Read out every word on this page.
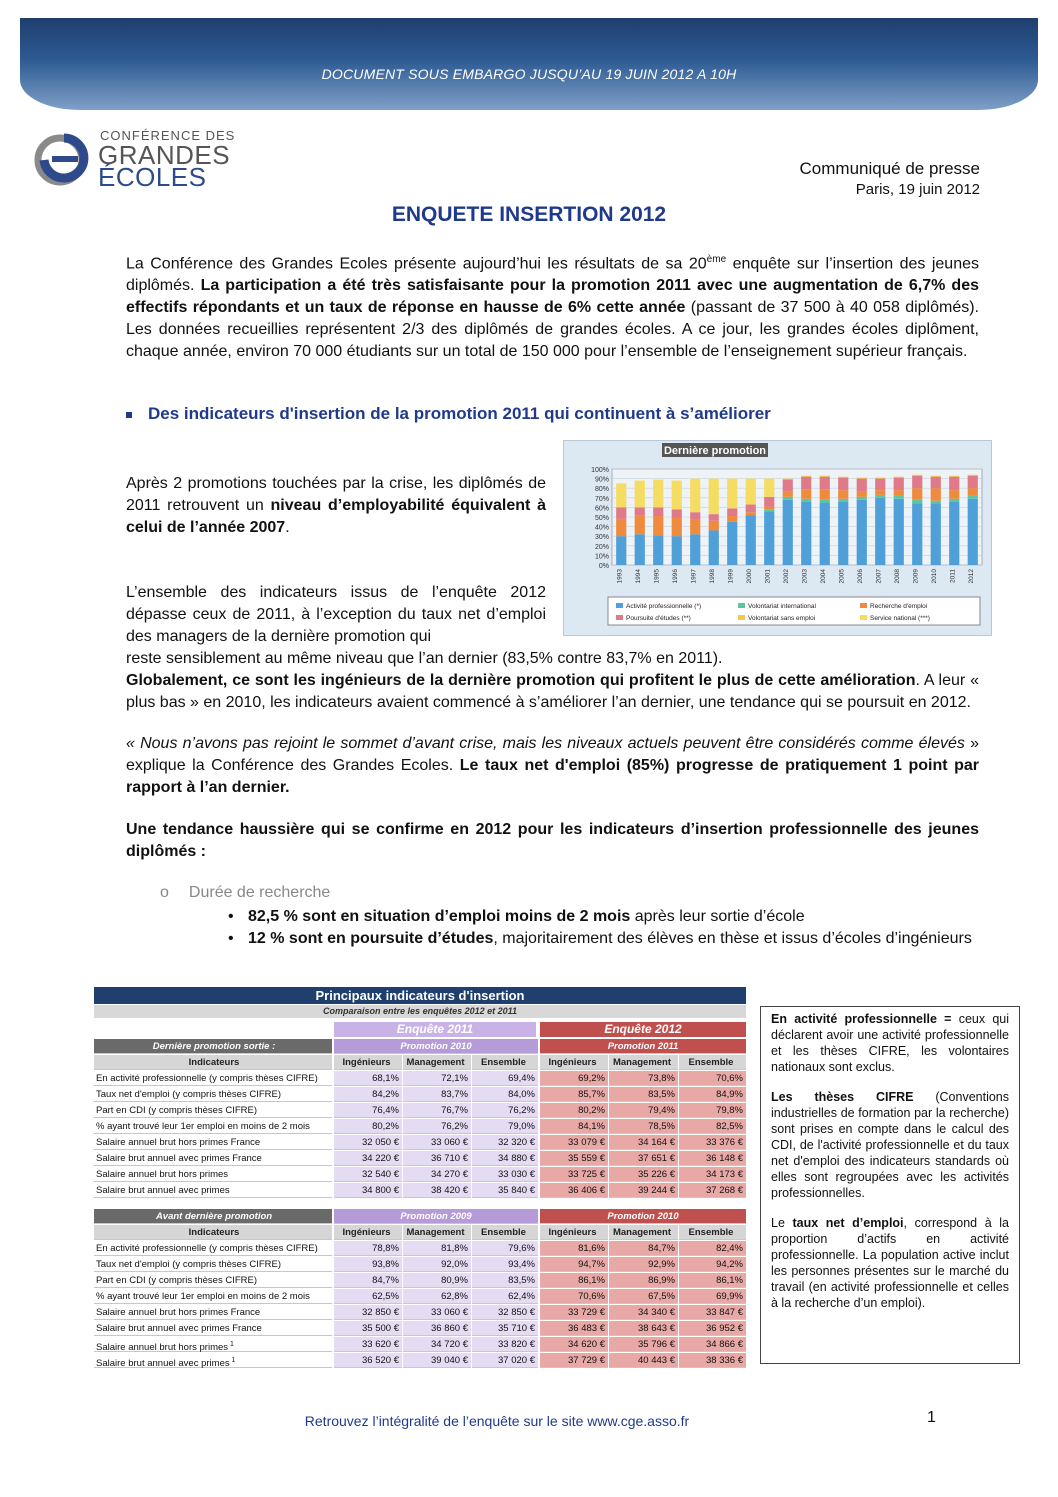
DOCUMENT SOUS EMBARGO JUSQU’AU 19 JUIN 2012 A 10H
CONFÉRENCE DES
GRANDES
ÉCOLES	Communiqué de presse
Paris, 19 juin 2012
ENQUETE INSERTION 2012
La Conférence des Grandes Ecoles présente aujourd’hui les résultats de sa 20ème enquête sur l’insertion des jeunes diplômés. La participation a été très satisfaisante pour la promotion 2011 avec une augmentation de 6,7% des effectifs répondants et un taux de réponse en hausse de 6% cette année (passant de 37 500 à 40 058 diplômés). Les données recueillies représentent 2/3 des diplômés de grandes écoles. A ce jour, les grandes écoles diplôment, chaque année, environ 70 000 étudiants sur un total de 150 000 pour l’ensemble de l’enseignement supérieur français.
Des indicateurs d'insertion de la promotion 2011 qui continuent à s’améliorer
Après 2 promotions touchées par la crise, les diplômés de 2011 retrouvent un niveau d’employabilité équivalent à celui de l’année 2007.
L’ensemble des indicateurs issus de l’enquête 2012 dépasse ceux de 2011, à l’exception du taux net d’emploi des managers de la dernière promotion qui
Dernière promotion
0%
10%
20%
30%
40%
50%
60%
70%
80%
90%
100%
1993 1994 1995 1996 1997 1998 1999 2000 2001 2002 2003 2004 2005 2006 2007 2008 2009 2010 2011 2012
Activité professionnelle (*)	Volontariat international	Recherche d'emploi
Poursuite d'études (**)	Volontariat sans emploi	Service national (***)
reste sensiblement au même niveau que l’an dernier (83,5% contre 83,7% en 2011).
Globalement, ce sont les ingénieurs de la dernière promotion qui profitent le plus de cette amélioration. A leur « plus bas » en 2010, les indicateurs avaient commencé à s’améliorer l’an dernier, une tendance qui se poursuit en 2012.
« Nous n’avons pas rejoint le sommet d’avant crise, mais les niveaux actuels peuvent être considérés comme élevés » explique la Conférence des Grandes Ecoles. Le taux net d'emploi (85%) progresse de pratiquement 1 point par rapport à l’an dernier.
Une tendance haussière qui se confirme en 2012 pour les indicateurs d’insertion professionnelle des jeunes diplômés :
o Durée de recherche
• 82,5 % sont en situation d’emploi moins de 2 mois après leur sortie d’école
• 12 % sont en poursuite d’études, majoritairement des élèves en thèse et issus d’écoles d’ingénieurs
Principaux indicateurs d'insertion
Comparaison entre les enquêtes 2012 et 2011
Enquête 2011	Enquête 2012
Dernière promotion sortie :	Promotion 2010	Promotion 2011
Indicateurs	Ingénieurs	Management	Ensemble	Ingénieurs	Management	Ensemble
En activité professionnelle (y compris thèses CIFRE)	68,1%	72,1%	69,4%	69,2%	73,8%	70,6%
Taux net d'emploi (y compris thèses CIFRE)	84,2%	83,7%	84,0%	85,7%	83,5%	84,9%
Part en CDI (y compris thèses CIFRE)	76,4%	76,7%	76,2%	80,2%	79,4%	79,8%
% ayant trouvé leur 1er emploi en moins de 2 mois	80,2%	76,2%	79,0%	84,1%	78,5%	82,5%
Salaire annuel brut hors primes France	32 050 €	33 060 €	32 320 €	33 079 €	34 164 €	33 376 €
Salaire brut annuel avec primes France	34 220 €	36 710 €	34 880 €	35 559 €	37 651 €	36 148 €
Salaire annuel brut hors primes	32 540 €	34 270 €	33 030 €	33 725 €	35 226 €	34 173 €
Salaire brut annuel avec primes	34 800 €	38 420 €	35 840 €	36 406 €	39 244 €	37 268 €
Avant dernière promotion	Promotion 2009	Promotion 2010
Indicateurs	Ingénieurs	Management	Ensemble	Ingénieurs	Management	Ensemble
En activité professionnelle (y compris thèses CIFRE)	78,8%	81,8%	79,6%	81,6%	84,7%	82,4%
Taux net d'emploi (y compris thèses CIFRE)	93,8%	92,0%	93,4%	94,7%	92,9%	94,2%
Part en CDI (y compris thèses CIFRE)	84,7%	80,9%	83,5%	86,1%	86,9%	86,1%
% ayant trouvé leur 1er emploi en moins de 2 mois	62,5%	62,8%	62,4%	70,6%	67,5%	69,9%
Salaire annuel brut hors primes France	32 850 €	33 060 €	32 850 €	33 729 €	34 340 €	33 847 €
Salaire brut annuel avec primes France	35 500 €	36 860 €	35 710 €	36 483 €	38 643 €	36 952 €
Salaire annuel brut hors primes $^1$	33 620 €	34 720 €	33 820 €	34 620 €	35 796 €	34 866 €
Salaire brut annuel avec primes $^1$	36 520 €	39 040 €	37 020 €	37 729 €	40 443 €	38 336 €

En activité professionnelle = ceux qui déclarent avoir une activité professionnelle et les thèses CIFRE, les volontaires nationaux sont exclus.

Les thèses CIFRE (Conventions industrielles de formation par la recherche) sont prises en compte dans le calcul des CDI, de l'activité professionnelle et du taux net d'emploi des indicateurs standards où elles sont regroupées avec les activités professionnelles.

Le taux net d’emploi, correspond à la proportion d’actifs en activité professionnelle. La population active inclut les personnes présentes sur le marché du travail (en activité professionnelle et celles à la recherche d’un emploi).

Retrouvez l’intégralité de l’enquête sur le site www.cge.asso.fr	1
